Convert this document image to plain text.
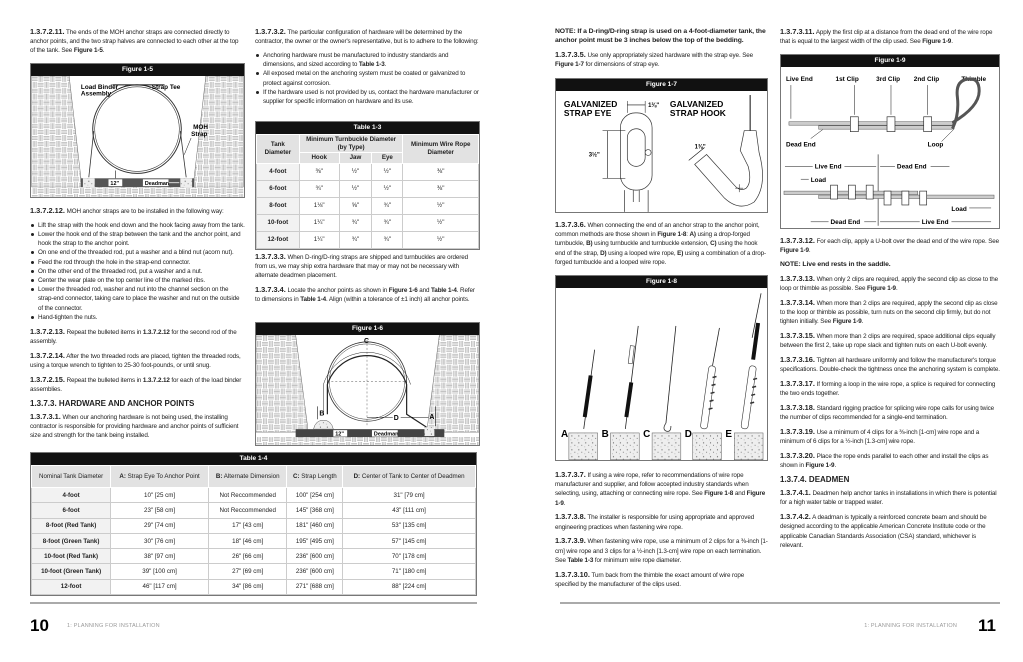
1.3.7.2.11. The ends of the MOH anchor straps are connected directly to anchor points, and the two strap halves are connected to each other at the top of the tank. See Figure 1-5.

Figure 1-5
Load Binder
Assembly
Strap Tee
MOH
Strap
12"	Deadman

1.3.7.2.12. MOH anchor straps are to be installed in the following way:

Lift the strap with the hook end down and the hook facing away from the tank.
Lower the hook end of the strap between the tank and the anchor point, and hook the strap to the anchor point.
On one end of the threaded rod, put a washer and a blind nut (acorn nut).
Feed the rod through the hole in the strap-end connector.
On the other end of the threaded rod, put a washer and a nut.
Center the wear plate on the top center line of the marked ribs.
Lower the threaded rod, washer and nut into the channel section on the strap-end connector, taking care to place the washer and nut on the outside of the connector.
Hand-tighten the nuts.

1.3.7.2.13. Repeat the bulleted items in 1.3.7.2.12 for the second rod of the assembly.

1.3.7.2.14. After the two threaded rods are placed, tighten the threaded rods, using a torque wrench to tighten to 25-30 foot-pounds, or until snug.

1.3.7.2.15. Repeat the bulleted items in 1.3.7.2.12 for each of the load binder assemblies.

1.3.7.3. HARDWARE AND ANCHOR POINTS

1.3.7.3.1. When our anchoring hardware is not being used, the installing contractor is responsible for providing hardware and anchor points of sufficient size and strength for the tank being installed.

1.3.7.3.2. The particular configuration of hardware will be determined by the contractor, the owner or the owner's representative, but is to adhere to the following:

Anchoring hardware must be manufactured to industry standards and dimensions, and sized according to Table 1-3.
All exposed metal on the anchoring system must be coated or galvanized to protect against corrosion.
If the hardware used is not provided by us, contact the hardware manufacturer or supplier for specific information on hardware and its use.
Table 1-3
Tank Diameter	Minimum Turnbuckle Diameter (by Type)			Minimum Wire Rope Diameter
	Hook	Jaw	Eye	
4-foot	⅜"	½"	½"	⅜"
6-foot	¾"	½"	½"	⅜"
8-foot	1⅛"	⅝"	¾"	½"
10-foot	1¼"	¾"	¾"	½"
12-foot	1¼"	¾"	¾"	½"

1.3.7.3.3. When D-ring/D-ring straps are shipped and turnbuckles are ordered from us, we may ship extra hardware that may or may not be necessary with alternate deadmen placement.

1.3.7.3.4. Locate the anchor points as shown in Figure 1-6 and Table 1-4. Refer to dimensions in Table 1-4. Align (within a tolerance of ±1 inch) all anchor points.

Figure 1-6
C
B
A
D
12"	Deadman
Table 1-4
Nominal Tank Diameter	A: Strap Eye To Anchor Point	B: Alternate Dimension	C: Strap Length	D: Center of Tank to Center of Deadmen
4-foot	10" [25 cm]	Not Reccommended	100" [254 cm]	31" [79 cm]
6-foot	23" [58 cm]	Not Reccommended	145" [368 cm]	43" [111 cm]
8-foot (Red Tank)	29" [74 cm]	17" [43 cm]	181" [460 cm]	53" [135 cm]
8-foot (Green Tank)	30" [76 cm]	18" [46 cm]	195" [495 cm]	57" [145 cm]
10-foot (Red Tank)	38" [97 cm]	26" [66 cm]	236" [600 cm]	70" [178 cm]
10-foot (Green Tank)	39" [100 cm]	27" [69 cm]	236" [600 cm]	71" [180 cm]
12-foot	46" [117 cm]	34" [86 cm]	271" [688 cm]	88" [224 cm]
10	1: PLANNING FOR INSTALLATION

NOTE: If a D-ring/D-ring strap is used on a 4-foot-diameter tank, the anchor point must be 3 inches below the top of the bedding.

1.3.7.3.5. Use only appropriately sized hardware with the strap eye. See Figure 1-7 for dimensions of strap eye.

Figure 1-7
GALVANIZED
STRAP EYE
GALVANIZED
STRAP HOOK
1⅜"
3½"
1⅜"

1.3.7.3.6. When connecting the end of an anchor strap to the anchor point, common methods are those shown in Figure 1-8: A) using a drop-forged turnbuckle, B) using turnbuckle and turnbuckle extension, C) using the hook end of the strap, D) using a looped wire rope, E) using a combination of a drop-forged turnbuckle and a looped wire rope.

Figure 1-8
A	B	C	D	E

1.3.7.3.7. If using a wire rope, refer to recommendations of wire rope manufacturer and supplier, and follow accepted industry standards when selecting, using, attaching or connecting wire rope. See Figure 1-8 and Figure 1-9.

1.3.7.3.8. The installer is responsible for using appropriate and approved engineering practices when fastening wire rope.

1.3.7.3.9. When fastening wire rope, use a minimum of 2 clips for a ⅜-inch [1-cm] wire rope and 3 clips for a ½-inch [1.3-cm] wire rope on each termination. See Table 1-3 for minimum wire rope diameter.

1.3.7.3.10. Turn back from the thimble the exact amount of wire rope specified by the manufacturer of the clips used.

1.3.7.3.11. Apply the first clip at a distance from the dead end of the wire rope that is equal to the largest width of the clip used. See Figure 1-9.

Figure 1-9
Live End	1st Clip	3rd Clip 2nd Clip	Thimble
Dead End	Loop
Live End	Dead End
Load
Load
Dead End	Live End

1.3.7.3.12. For each clip, apply a U-bolt over the dead end of the wire rope. See Figure 1-9.

NOTE: Live end rests in the saddle.

1.3.7.3.13. When only 2 clips are required, apply the second clip as close to the loop or thimble as possible. See Figure 1-9.

1.3.7.3.14. When more than 2 clips are required, apply the second clip as close to the loop or thimble as possible, turn nuts on the second clip firmly, but do not tighten initially. See Figure 1-9.

1.3.7.3.15. When more than 2 clips are required, space additional clips equally between the first 2, take up rope slack and tighten nuts on each U-bolt evenly.

1.3.7.3.16. Tighten all hardware uniformly and follow the manufacturer's torque specifications. Double-check the tightness once the anchoring system is complete.

1.3.7.3.17. If forming a loop in the wire rope, a splice is required for connecting the two ends together.

1.3.7.3.18. Standard rigging practice for splicing wire rope calls for using twice the number of clips recommended for a single-end termination.

1.3.7.3.19. Use a minimum of 4 clips for a ⅜-inch [1-cm] wire rope and a minimum of 6 clips for a ½-inch [1.3-cm] wire rope.

1.3.7.3.20. Place the rope ends parallel to each other and install the clips as shown in Figure 1-9.

1.3.7.4. DEADMEN

1.3.7.4.1. Deadmen help anchor tanks in installations in which there is potential for a high water table or trapped water.

1.3.7.4.2. A deadman is typically a reinforced concrete beam and should be designed according to the applicable American Concrete Institute code or the applicable Canadian Standards Association (CSA) standard, whichever is relevant.

1: PLANNING FOR INSTALLATION 11
